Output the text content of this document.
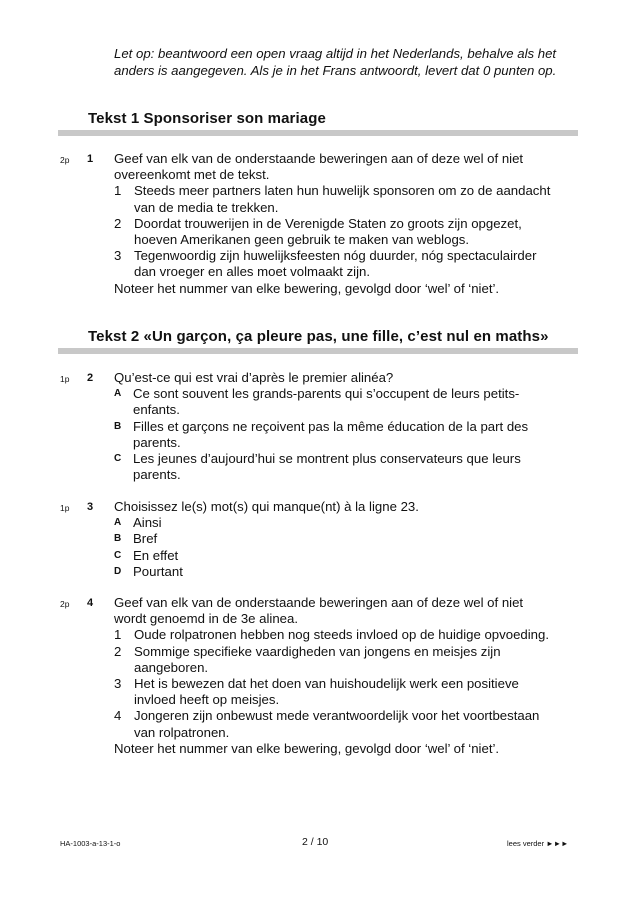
Let op: beantwoord een open vraag altijd in het Nederlands, behalve als het
anders is aangegeven. Als je in het Frans antwoordt, levert dat 0 punten op.
Tekst 1 Sponsoriser son mariage
2p 1 Geef van elk van de onderstaande beweringen aan of deze wel of niet overeenkomt met de tekst.
1 Steeds meer partners laten hun huwelijk sponsoren om zo de aandacht van de media te trekken.
2 Doordat trouwerijen in de Verenigde Staten zo groots zijn opgezet, hoeven Amerikanen geen gebruik te maken van weblogs.
3 Tegenwoordig zijn huwelijksfeesten nóg duurder, nóg spectaculairder dan vroeger en alles moet volmaakt zijn.
Noteer het nummer van elke bewering, gevolgd door ‘wel’ of ‘niet’.
Tekst 2 «Un garçon, ça pleure pas, une fille, c’est nul en maths»
1p 2 Qu’est-ce qui est vrai d’après le premier alinéa?
A Ce sont souvent les grands-parents qui s’occupent de leurs petits-enfants.
B Filles et garçons ne reçoivent pas la même éducation de la part des parents.
C Les jeunes d’aujourd’hui se montrent plus conservateurs que leurs parents.
1p 3 Choisissez le(s) mot(s) qui manque(nt) à la ligne 23.
A Ainsi
B Bref
C En effet
D Pourtant
2p 4 Geef van elk van de onderstaande beweringen aan of deze wel of niet wordt genoemd in de 3e alinea.
1 Oude rolpatronen hebben nog steeds invloed op de huidige opvoeding.
2 Sommige specifieke vaardigheden van jongens en meisjes zijn aangeboren.
3 Het is bewezen dat het doen van huishoudelijk werk een positieve invloed heeft op meisjes.
4 Jongeren zijn onbewust mede verantwoordelijk voor het voortbestaan van rolpatronen.
Noteer het nummer van elke bewering, gevolgd door ‘wel’ of ‘niet’.
HA-1003-a-13-1-o	2 / 10	lees verder ►►►
